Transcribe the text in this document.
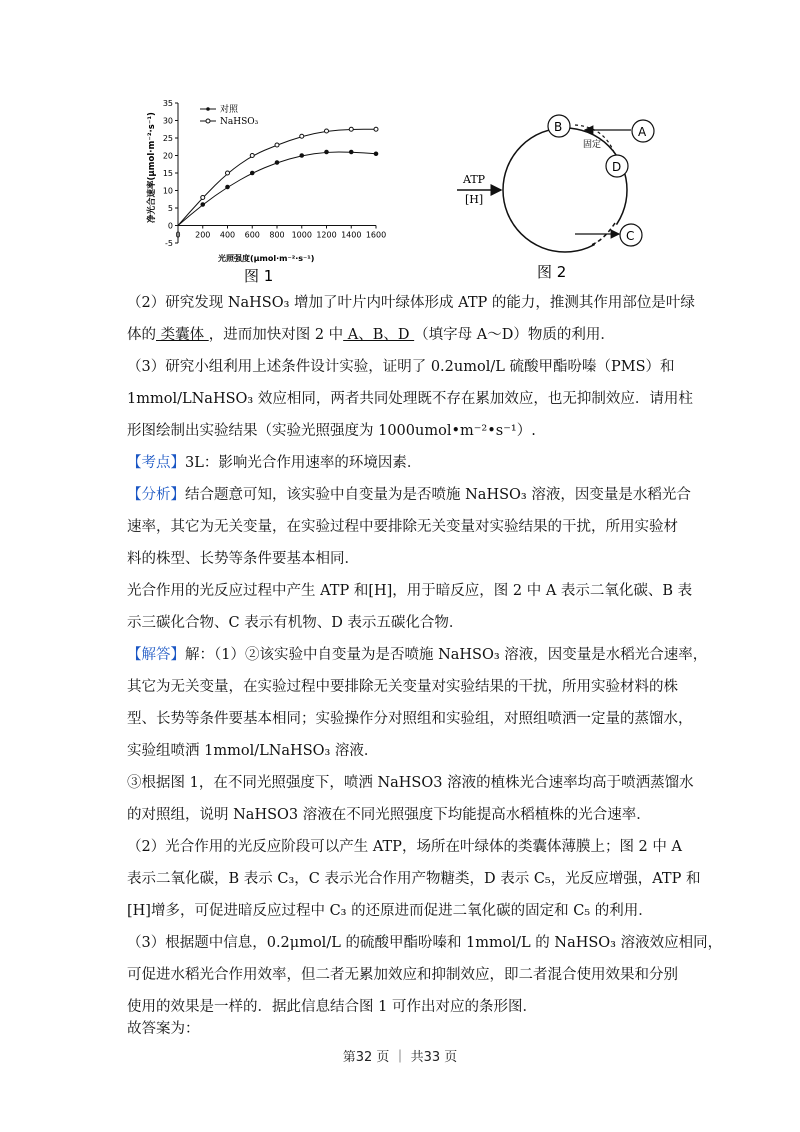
35
30
25
20
15
10
5
0
-5
0 200 400 600 800 1000 1200 1400 1600
对照
NaHSO₃
净光合速率(μmol·m⁻²·s⁻¹)
光照强度(μmol·m⁻²·s⁻¹)
图 1
ATP
[H]
固定
B	A
D
C
图 2
（2）研究发现 NaHSO₃ 增加了叶片内叶绿体形成 ATP 的能力，推测其作用部位是叶绿
体的 类囊体 ，进而加快对图 2 中 A、B、D （填字母 A～D）物质的利用．
（3）研究小组利用上述条件设计实验，证明了 0.2umol/L 硫酸甲酯吩嗪（PMS）和
1mmol/LNaHSO₃ 效应相同，两者共同处理既不存在累加效应，也无抑制效应．请用柱
形图绘制出实验结果（实验光照强度为 1000umol•m⁻²•s⁻¹）.
【考点】3L：影响光合作用速率的环境因素．
【分析】结合题意可知，该实验中自变量为是否喷施 NaHSO₃ 溶液，因变量是水稻光合
速率，其它为无关变量，在实验过程中要排除无关变量对实验结果的干扰，所用实验材
料的株型、长势等条件要基本相同．
光合作用的光反应过程中产生 ATP 和[H]，用于暗反应，图 2 中 A 表示二氧化碳、B 表
示三碳化合物、C 表示有机物、D 表示五碳化合物．
【解答】解：（1）②该实验中自变量为是否喷施 NaHSO₃ 溶液，因变量是水稻光合速率，
其它为无关变量，在实验过程中要排除无关变量对实验结果的干扰，所用实验材料的株
型、长势等条件要基本相同；实验操作分对照组和实验组，对照组喷洒一定量的蒸馏水，
实验组喷洒 1mmol/LNaHSO₃ 溶液．
③根据图 1，在不同光照强度下，喷洒 NaHSO3 溶液的植株光合速率均高于喷洒蒸馏水
的对照组，说明 NaHSO3 溶液在不同光照强度下均能提高水稻植株的光合速率．
（2）光合作用的光反应阶段可以产生 ATP，场所在叶绿体的类囊体薄膜上；图 2 中 A
表示二氧化碳，B 表示 C₃，C 表示光合作用产物糖类，D 表示 C₅，光反应增强，ATP 和
[H]增多，可促进暗反应过程中 C₃ 的还原进而促进二氧化碳的固定和 C₅ 的利用．
（3）根据题中信息，0.2μmol/L 的硫酸甲酯吩嗪和 1mmol/L 的 NaHSO₃ 溶液效应相同，
可促进水稻光合作用效率，但二者无累加效应和抑制效应，即二者混合使用效果和分别
使用的效果是一样的．据此信息结合图 1 可作出对应的条形图．
故答案为：
第32 页 ｜ 共33 页
